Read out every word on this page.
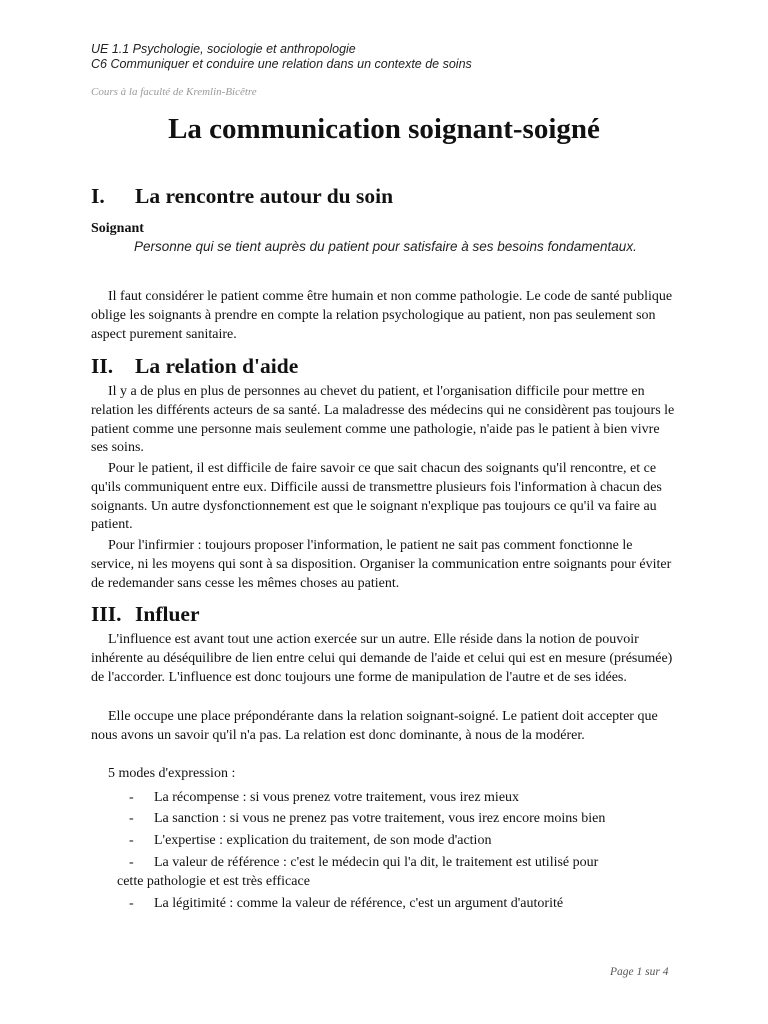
UE 1.1 Psychologie, sociologie et anthropologie
C6 Communiquer et conduire une relation dans un contexte de soins
Cours à la faculté de Kremlin-Bicêtre
La communication soignant-soigné
I. La rencontre autour du soin
Soignant
Personne qui se tient auprès du patient pour satisfaire à ses besoins fondamentaux.

Il faut considérer le patient comme être humain et non comme pathologie. Le code de santé publique oblige les soignants à prendre en compte la relation psychologique au patient, non pas seulement son aspect purement sanitaire.

II. La relation d'aide

Il y a de plus en plus de personnes au chevet du patient, et l'organisation difficile pour mettre en relation les différents acteurs de sa santé. La maladresse des médecins qui ne considèrent pas toujours le patient comme une personne mais seulement comme une pathologie, n'aide pas le patient à bien vivre ses soins.

Pour le patient, il est difficile de faire savoir ce que sait chacun des soignants qu'il rencontre, et ce qu'ils communiquent entre eux. Difficile aussi de transmettre plusieurs fois l'information à chacun des soignants. Un autre dysfonctionnement est que le soignant n'explique pas toujours ce qu'il va faire au patient.

Pour l'infirmier : toujours proposer l'information, le patient ne sait pas comment fonctionne le service, ni les moyens qui sont à sa disposition. Organiser la communication entre soignants pour éviter de redemander sans cesse les mêmes choses au patient.

III. Influer

L'influence est avant tout une action exercée sur un autre. Elle réside dans la notion de pouvoir inhérente au déséquilibre de lien entre celui qui demande de l'aide et celui qui est en mesure (présumée) de l'accorder. L'influence est donc toujours une forme de manipulation de l'autre et de ses idées.

Elle occupe une place prépondérante dans la relation soignant-soigné. Le patient doit accepter que nous avons un savoir qu'il n'a pas. La relation est donc dominante, à nous de la modérer.

5 modes d'expression :
- La récompense : si vous prenez votre traitement, vous irez mieux
- La sanction : si vous ne prenez pas votre traitement, vous irez encore moins bien
- L'expertise : explication du traitement, de son mode d'action
- La valeur de référence : c'est le médecin qui l'a dit, le traitement est utilisé pour
cette pathologie et est très efficace
- La légitimité : comme la valeur de référence, c'est un argument d'autorité
Page 1 sur 4
